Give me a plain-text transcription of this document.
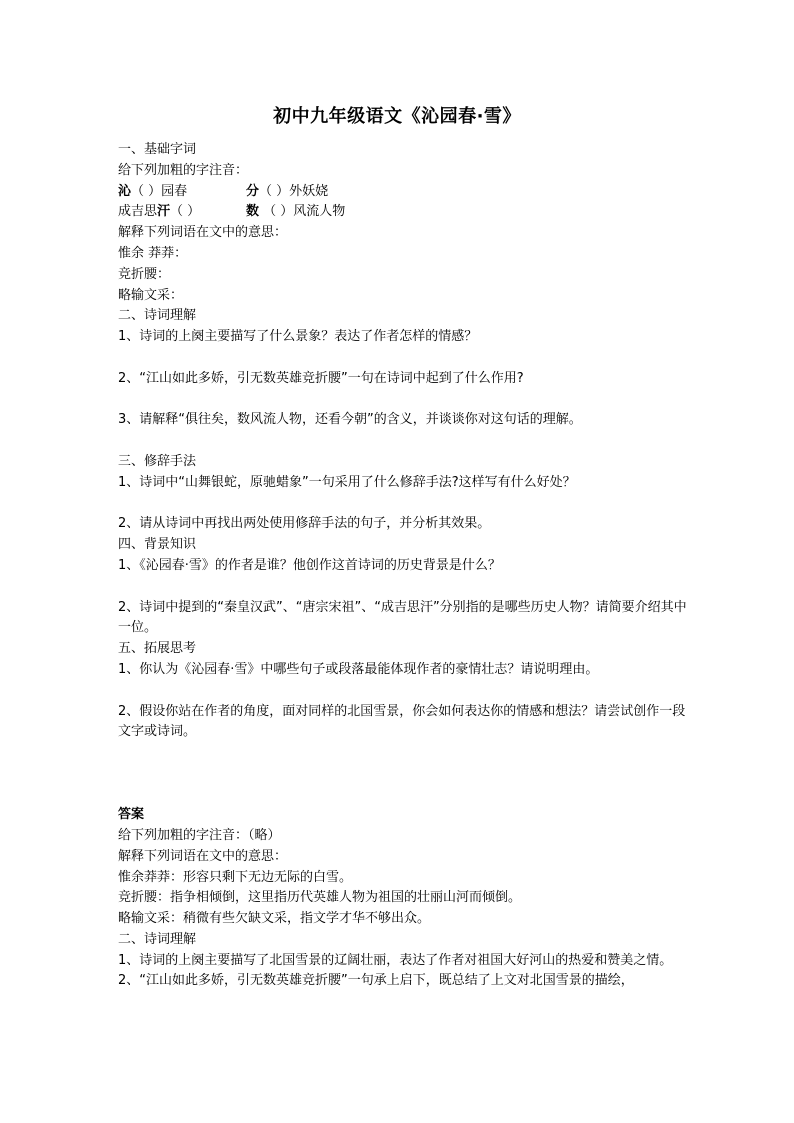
初中九年级语文《沁园春·雪》
一、基础字词
给下列加粗的字注音：
沁（ ）园春	分（ ）外妖娆
成吉思汗（ ）	数 （ ）风流人物
解释下列词语在文中的意思：
惟余 莽莽：
竞折腰：
略输文采：
二、诗词理解
1、诗词的上阕主要描写了什么景象？表达了作者怎样的情感？
2、“江山如此多娇，引无数英雄竞折腰”一句在诗词中起到了什么作用?
3、请解释“俱往矣，数风流人物，还看今朝”的含义，并谈谈你对这句话的理解。
三、修辞手法
1、诗词中“山舞银蛇，原驰蜡象”一句采用了什么修辞手法?这样写有什么好处？
2、请从诗词中再找出两处使用修辞手法的句子，并分析其效果。
四、背景知识
1、《沁园春·雪》的作者是谁？他创作这首诗词的历史背景是什么？
2、诗词中提到的“秦皇汉武”、“唐宗宋祖”、“成吉思汗”分别指的是哪些历史人物？请简要介绍其中一位。
五、拓展思考
1、你认为《沁园春·雪》中哪些句子或段落最能体现作者的豪情壮志？请说明理由。
2、假设你站在作者的角度，面对同样的北国雪景，你会如何表达你的情感和想法？请尝试创作一段文字或诗词。
答案
给下列加粗的字注音：（略）
解释下列词语在文中的意思：
惟余莽莽：形容只剩下无边无际的白雪。
竞折腰：指争相倾倒，这里指历代英雄人物为祖国的壮丽山河而倾倒。
略输文采：稍微有些欠缺文采，指文学才华不够出众。
二、诗词理解
1、诗词的上阕主要描写了北国雪景的辽阔壮丽，表达了作者对祖国大好河山的热爱和赞美之情。
2、“江山如此多娇，引无数英雄竞折腰”一句承上启下，既总结了上文对北国雪景的描绘，
